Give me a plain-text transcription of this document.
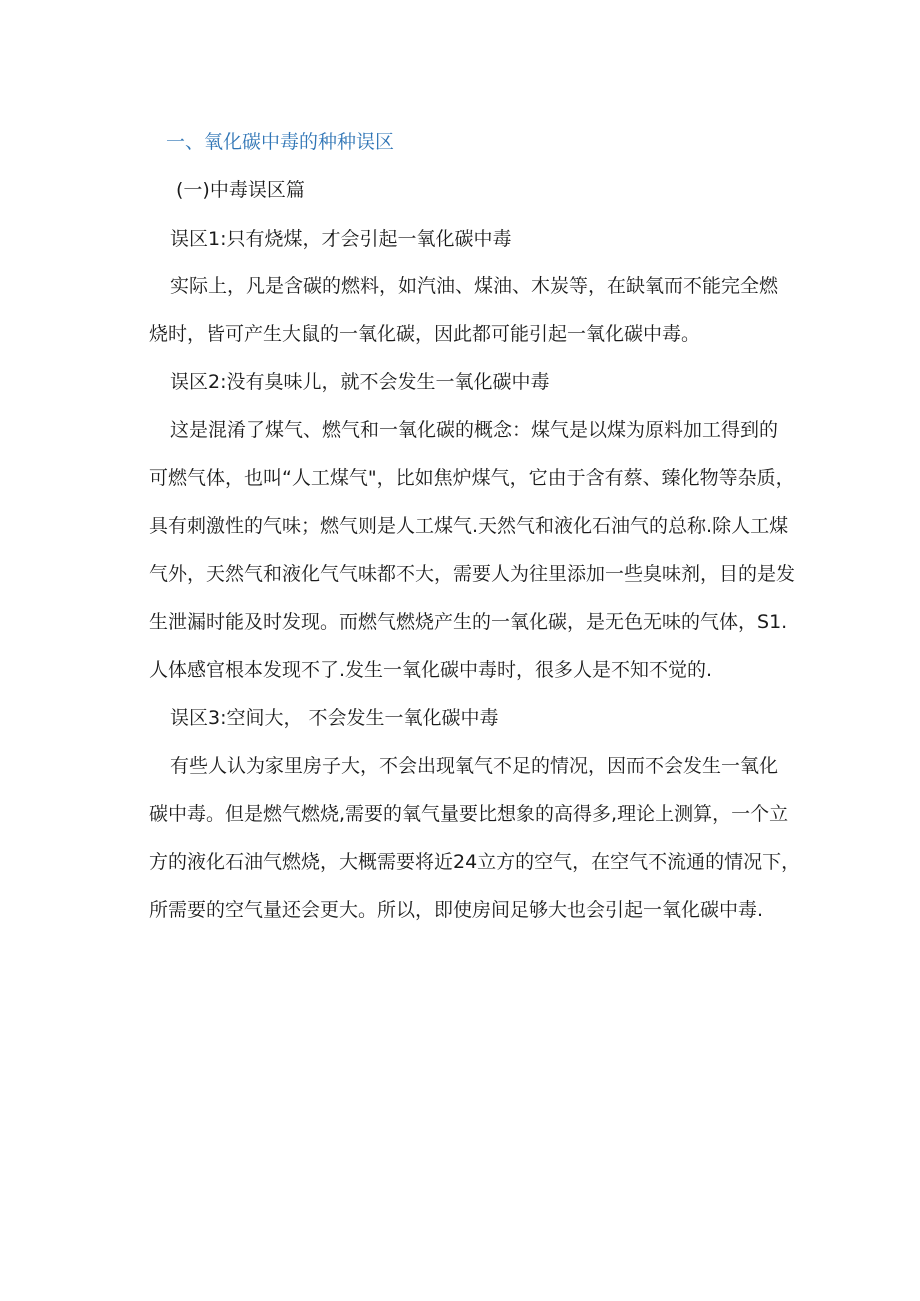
一、氧化碳中毒的种种误区
(一)中毒误区篇
误区1:只有烧煤，才会引起一氧化碳中毒
实际上，凡是含碳的燃料，如汽油、煤油、木炭等，在缺氧而不能完全燃
烧时，皆可产生大鼠的一氧化碳，因此都可能引起一氧化碳中毒。
误区2:没有臭味儿，就不会发生一氧化碳中毒
这是混淆了煤气、燃气和一氧化碳的概念：煤气是以煤为原料加工得到的
可燃气体，也叫“人工煤气"，比如焦炉煤气，它由于含有蔡、臻化物等杂质，
具有刺激性的气味；燃气则是人工煤气.天然气和液化石油气的总称.除人工煤
气外，天然气和液化气气味都不大，需要人为往里添加一些臭味剂，目的是发
生泄漏时能及时发现。而燃气燃烧产生的一氧化碳，是无色无味的气体，S1.
人体感官根本发现不了.发生一氧化碳中毒时，很多人是不知不觉的.
误区3:空间大， 不会发生一氧化碳中毒
有些人认为家里房子大，不会出现氧气不足的情况，因而不会发生一氧化
碳中毒。但是燃气燃烧,需要的氧气量要比想象的高得多,理论上测算，一个立
方的液化石油气燃烧，大概需要将近24立方的空气，在空气不流通的情况下，
所需要的空气量还会更大。所以，即使房间足够大也会引起一氧化碳中毒.
